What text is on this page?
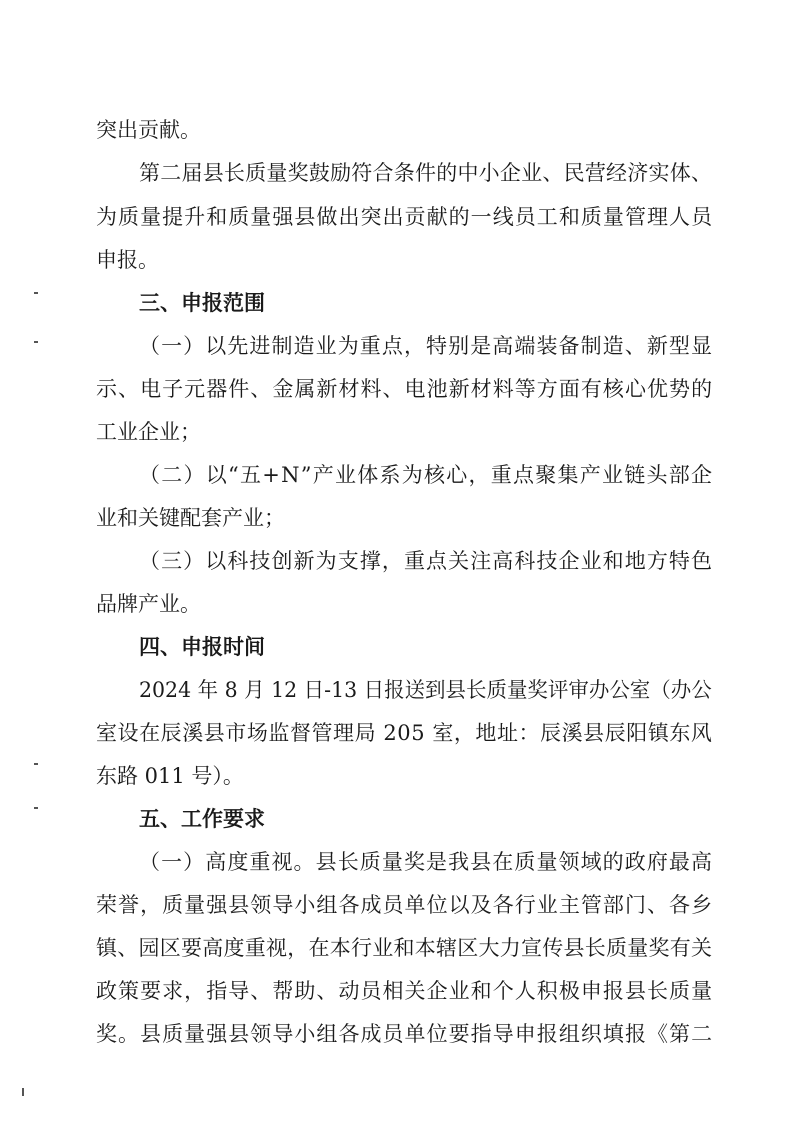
突出贡献。
第二届县长质量奖鼓励符合条件的中小企业、民营经济实体、
为质量提升和质量强县做出突出贡献的一线员工和质量管理人员
申报。
三、申报范围
（一）以先进制造业为重点，特别是高端装备制造、新型显
示、电子元器件、金属新材料、电池新材料等方面有核心优势的
工业企业；
（二）以“五+N”产业体系为核心，重点聚集产业链头部企
业和关键配套产业；
（三）以科技创新为支撑，重点关注高科技企业和地方特色
品牌产业。
四、申报时间
2024 年 8 月 12 日-13 日报送到县长质量奖评审办公室（办公
室设在辰溪县市场监督管理局 205 室，地址：辰溪县辰阳镇东风
东路 011 号）。
五、工作要求
（一）高度重视。县长质量奖是我县在质量领域的政府最高
荣誉，质量强县领导小组各成员单位以及各行业主管部门、各乡
镇、园区要高度重视，在本行业和本辖区大力宣传县长质量奖有关
政策要求，指导、帮助、动员相关企业和个人积极申报县长质量
奖。县质量强县领导小组各成员单位要指导申报组织填报《第二
